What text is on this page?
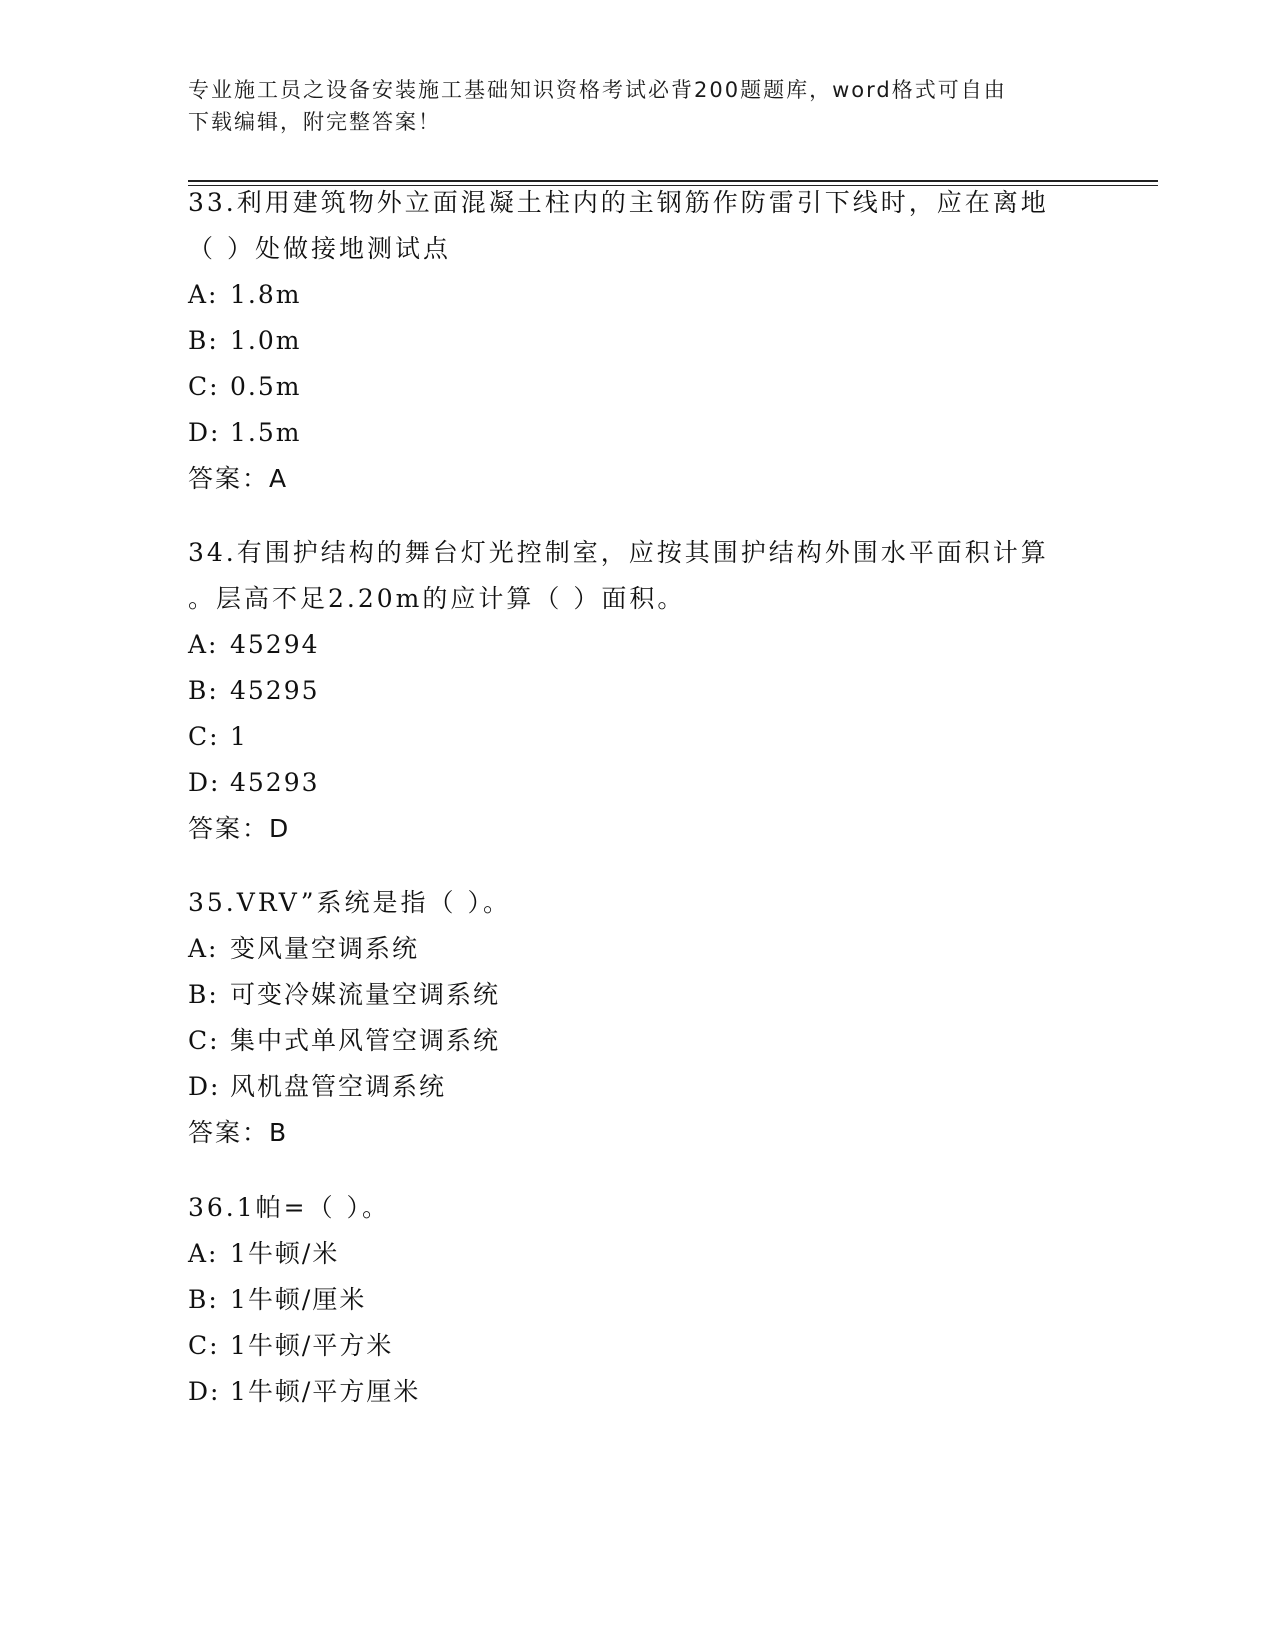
专业施工员之设备安装施工基础知识资格考试必背200题题库，word格式可自由
下载编辑，附完整答案！
33.利用建筑物外立面混凝土柱内的主钢筋作防雷引下线时，应在离地
（ ）处做接地测试点
A: 1.8m
B: 1.0m
C: 0.5m
D: 1.5m
答案：A
34.有围护结构的舞台灯光控制室，应按其围护结构外围水平面积计算
。层高不足2.20m的应计算（ ）面积。
A: 45294
B: 45295
C: 1
D: 45293
答案：D
35.VRV”系统是指（ ）。
A: 变风量空调系统
B: 可变冷媒流量空调系统
C: 集中式单风管空调系统
D: 风机盘管空调系统
答案：B
36.1帕=（ ）。
A: 1牛顿/米
B: 1牛顿/厘米
C: 1牛顿/平方米
D: 1牛顿/平方厘米
